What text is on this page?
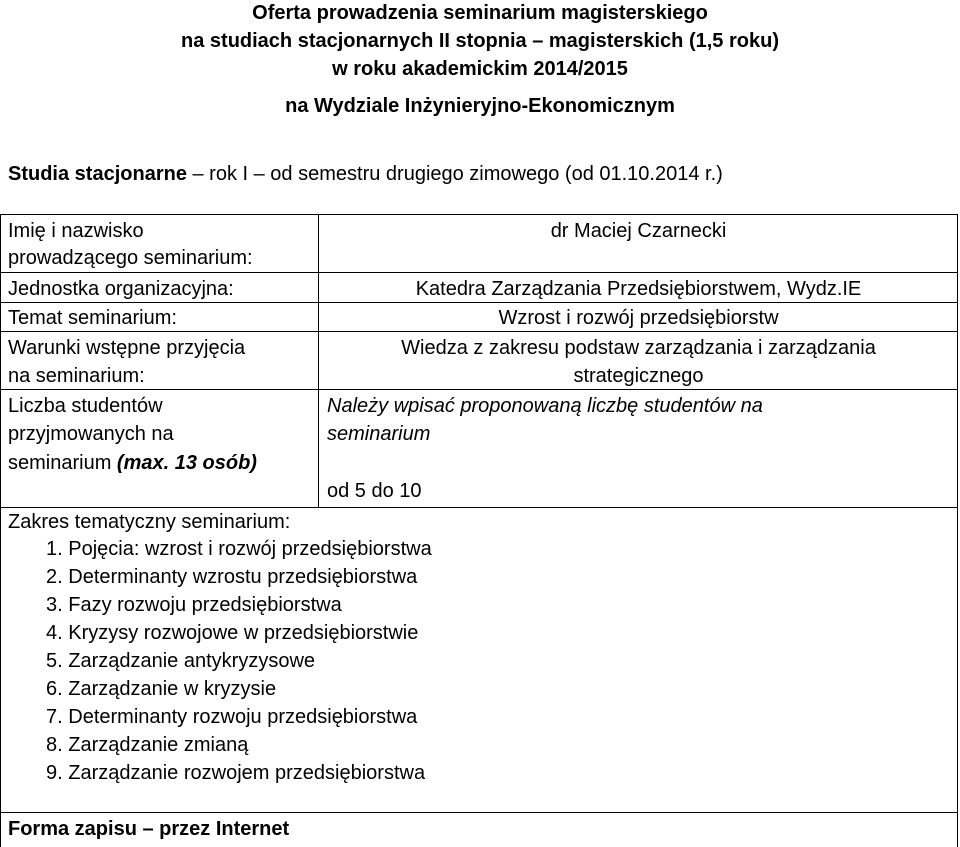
Oferta prowadzenia seminarium magisterskiego
na studiach stacjonarnych II stopnia – magisterskich (1,5 roku)
w roku akademickim 2014/2015
na Wydziale Inżynieryjno-Ekonomicznym
Studia stacjonarne – rok I – od semestru drugiego zimowego (od 01.10.2014 r.)
Imię i nazwisko
prowadzącego seminarium:
dr Maciej Czarnecki
Jednostka organizacyjna:	Katedra Zarządzania Przedsiębiorstwem, Wydz.IE
Temat seminarium:	Wzrost i rozwój przedsiębiorstw
Warunki wstępne przyjęcia
na seminarium:
Wiedza z zakresu podstaw zarządzania i zarządzania
strategicznego
Liczba studentów
przyjmowanych na
seminarium (max. 13 osób)
Należy wpisać proponowaną liczbę studentów na
seminarium
od 5 do 10
Zakres tematyczny seminarium:
1. Pojęcia: wzrost i rozwój przedsiębiorstwa
2. Determinanty wzrostu przedsiębiorstwa
3. Fazy rozwoju przedsiębiorstwa
4. Kryzysy rozwojowe w przedsiębiorstwie
5. Zarządzanie antykryzysowe
6. Zarządzanie w kryzysie
7. Determinanty rozwoju przedsiębiorstwa
8. Zarządzanie zmianą
9. Zarządzanie rozwojem przedsiębiorstwa
Forma zapisu – przez Internet
